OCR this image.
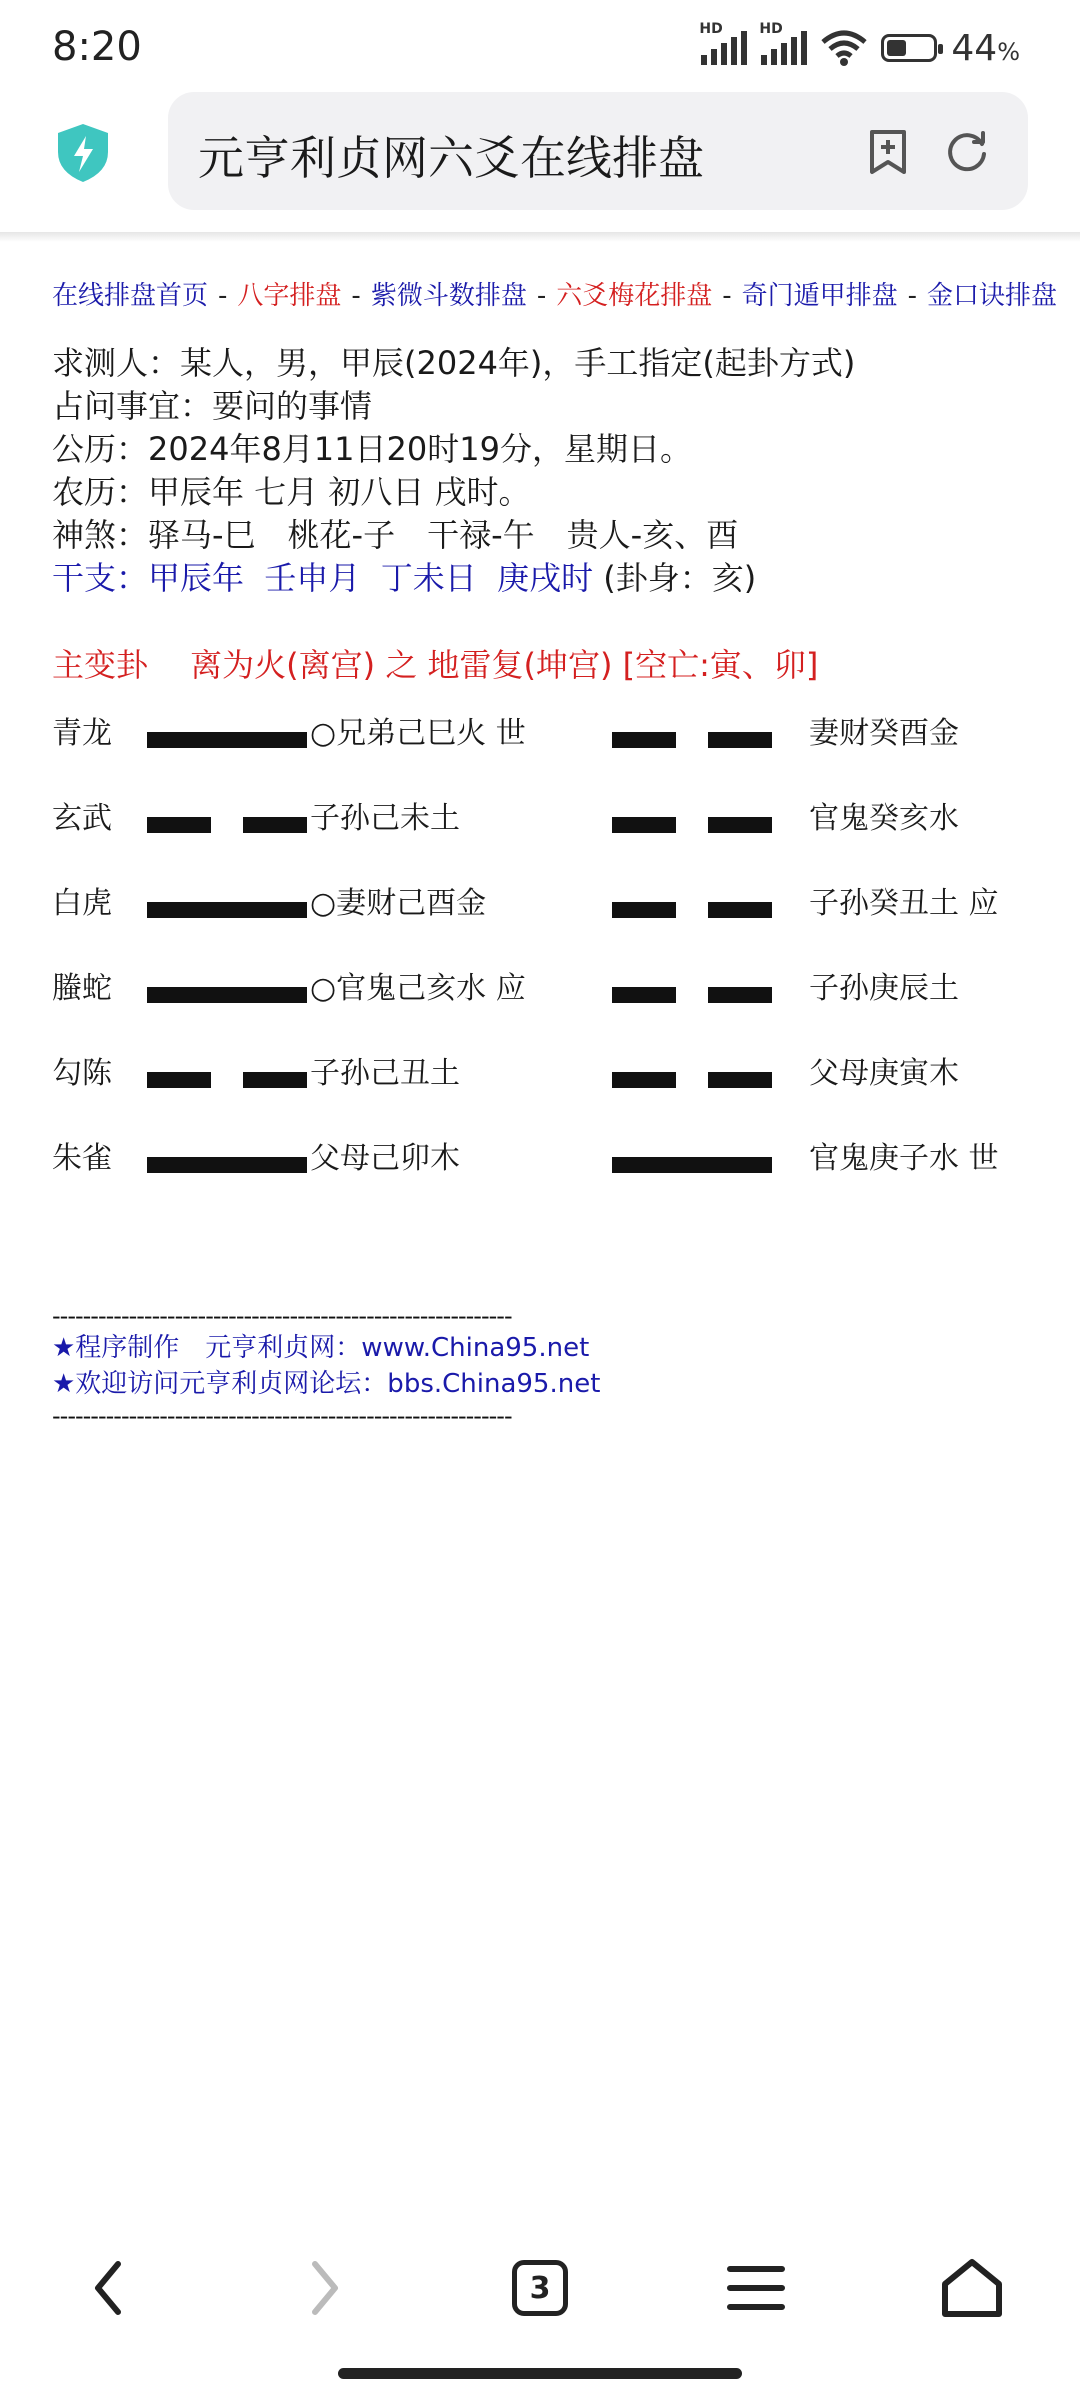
8:20	HD	HD	44%
元亨利贞网六爻在线排盘
在线排盘首页 - 八字排盘 - 紫微斗数排盘 - 六爻梅花排盘 - 奇门遁甲排盘 - 金口诀排盘
求测人：某人，男，甲辰(2024年)，手工指定(起卦方式)
占问事宜：要问的事情
公历：2024年8月11日20时19分，星期日。
农历：甲辰年 七月 初八日 戌时。
神煞：驿马-巳　桃花-子　干禄-午　贵人-亥、酉
干支：甲辰年 壬申月 丁未日 庚戌时 (卦身：亥)
主变卦　 离为火(离宫) 之 地雷复(坤宫) [空亡:寅、卯]
青龙	○兄弟己巳火 世	妻财癸酉金
玄武	子孙己未土	官鬼癸亥水
白虎	○妻财己酉金	子孙癸丑土 应
螣蛇	○官鬼己亥水 应	子孙庚辰土
勾陈	子孙己丑土	父母庚寅木
朱雀	父母己卯木	官鬼庚子水 世
------------------------------------------------------------
★程序制作　元亨利贞网：www.China95.net
★欢迎访问元亨利贞网论坛：bbs.China95.net
------------------------------------------------------------
3
